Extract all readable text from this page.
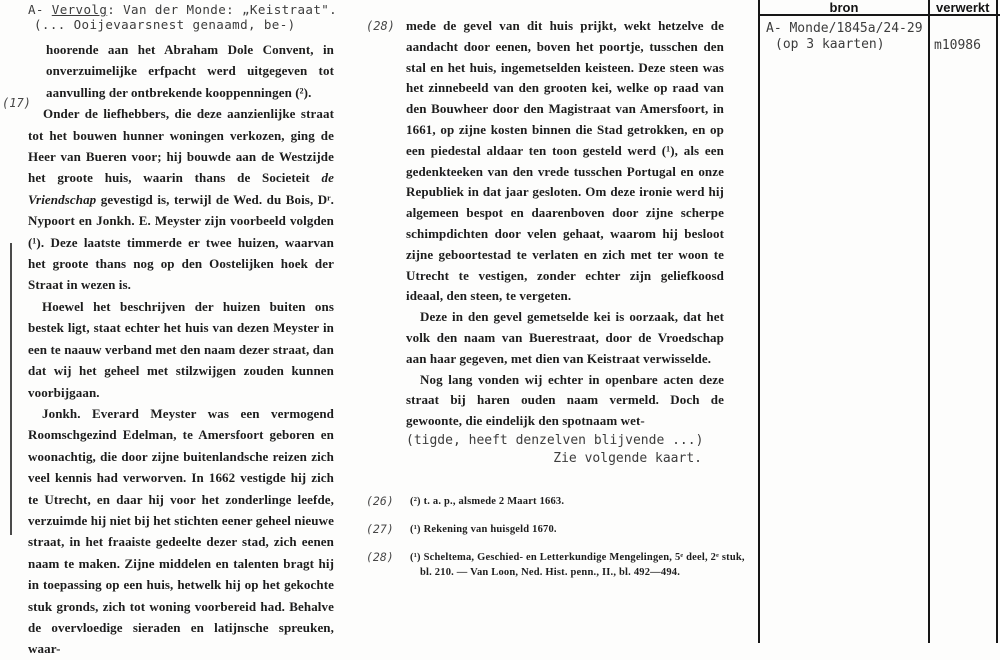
(17)
(28)
A- Vervolg: Van der Monde: „Keistraat".
(... Ooijevaarsnest genaamd, be-)

hoorende aan het Abraham Dole Convent, in onverzuimelijke erfpacht werd uitgegeven tot aanvulling der ontbrekende kooppenningen (²).

Onder de liefhebbers, die deze aanzienlijke straat tot het bouwen hunner woningen verkozen, ging de Heer van Bueren voor; hij bouwde aan de Westzijde het groote huis, waarin thans de Societeit de Vriendschap gevestigd is, terwijl de Wed. du Bois, Dʳ. Nypoort en Jonkh. E. Meyster zijn voorbeeld volgden (¹). Deze laatste timmerde er twee huizen, waarvan het groote thans nog op den Oostelijken hoek der Straat in wezen is.

Hoewel het beschrijven der huizen buiten ons bestek ligt, staat echter het huis van dezen Meyster in een te naauw verband met den naam dezer straat, dan dat wij het geheel met stilzwijgen zouden kunnen voorbijgaan.

Jonkh. Everard Meyster was een vermogend Roomschgezind Edelman, te Amersfoort geboren en woonachtig, die door zijne buitenlandsche reizen zich veel kennis had verworven. In 1662 vestigde hij zich te Utrecht, en daar hij voor het zonderlinge leefde, verzuimde hij niet bij het stichten eener geheel nieuwe straat, in het fraaiste gedeelte dezer stad, zich eenen naam te maken. Zijne middelen en talenten bragt hij in toepassing op een huis, hetwelk hij op het gekochte stuk gronds, zich tot woning voorbereid had. Behalve de overvloedige sieraden en latijnsche spreuken, waar-

mede de gevel van dit huis prijkt, wekt hetzelve de aandacht door eenen, boven het poortje, tusschen den stal en het huis, ingemetselden keisteen. Deze steen was het zinnebeeld van den grooten kei, welke op raad van den Bouwheer door den Magistraat van Amersfoort, in 1661, op zijne kosten binnen die Stad getrokken, en op een piedestal aldaar ten toon gesteld werd (¹), als een gedenkteeken van den vrede tusschen Portugal en onze Republiek in dat jaar gesloten. Om deze ironie werd hij algemeen bespot en daarenboven door zijne scherpe schimpdichten door velen gehaat, waarom hij besloot zijne geboortestad te verlaten en zich met ter woon te Utrecht te vestigen, zonder echter zijn geliefkoosd ideaal, den steen, te vergeten.

Deze in den gevel gemetselde kei is oorzaak, dat het volk den naam van Buerestraat, door de Vroedschap aan haar gegeven, met dien van Keistraat verwisselde.

Nog lang vonden wij echter in openbare acten deze straat bij haren ouden naam vermeld. Doch de gewoonte, die eindelijk den spotnaam wet-

(tigde, heeft denzelven blijvende ...)
Zie volgende kaart.
(26)	(²) t. a. p., alsmede 2 Maart 1663.
(27)	(¹) Rekening van huisgeld 1670.
(28)	(¹) Scheltema, Geschied- en Letterkundige Mengelingen, 5ᵉ deel, 2ᵉ stuk, bl. 210. — Van Loon, Ned. Hist. penn., II., bl. 492—494.
bron	verwerkt
A- Monde/1845a/24-29
(op 3 kaarten)	m10986
